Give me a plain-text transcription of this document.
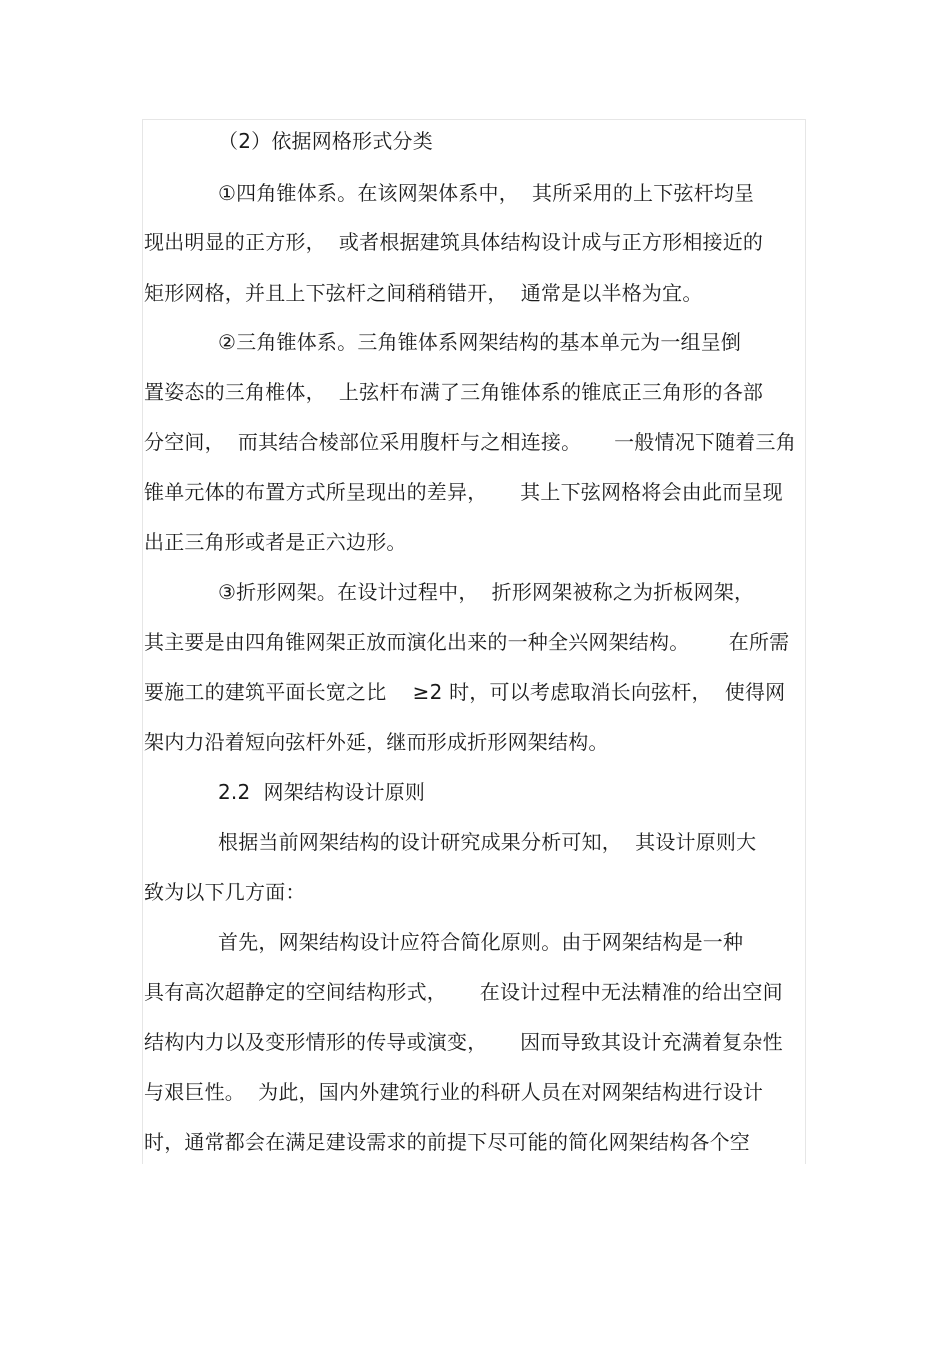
（2）依据网格形式分类
①四角锥体系。在该网架体系中，  其所采用的上下弦杆均呈
现出明显的正方形，  或者根据建筑具体结构设计成与正方形相接近的
矩形网格，并且上下弦杆之间稍稍错开，  通常是以半格为宜。
②三角锥体系。三角锥体系网架结构的基本单元为一组呈倒
置姿态的三角椎体，  上弦杆布满了三角锥体系的锥底正三角形的各部
分空间，  而其结合棱部位采用腹杆与之相连接。     一般情况下随着三角
锥单元体的布置方式所呈现出的差异，     其上下弦网格将会由此而呈现
出正三角形或者是正六边形。
③折形网架。在设计过程中，  折形网架被称之为折板网架，
其主要是由四角锥网架正放而演化出来的一种全兴网架结构。      在所需
要施工的建筑平面长宽之比    ≥2 时，可以考虑取消长向弦杆，  使得网
架内力沿着短向弦杆外延，继而形成折形网架结构。
2.2  网架结构设计原则
根据当前网架结构的设计研究成果分析可知，  其设计原则大
致为以下几方面：
首先，网架结构设计应符合简化原则。由于网架结构是一种
具有高次超静定的空间结构形式，     在设计过程中无法精准的给出空间
结构内力以及变形情形的传导或演变，     因而导致其设计充满着复杂性
与艰巨性。  为此，国内外建筑行业的科研人员在对网架结构进行设计
时，通常都会在满足建设需求的前提下尽可能的简化网架结构各个空
